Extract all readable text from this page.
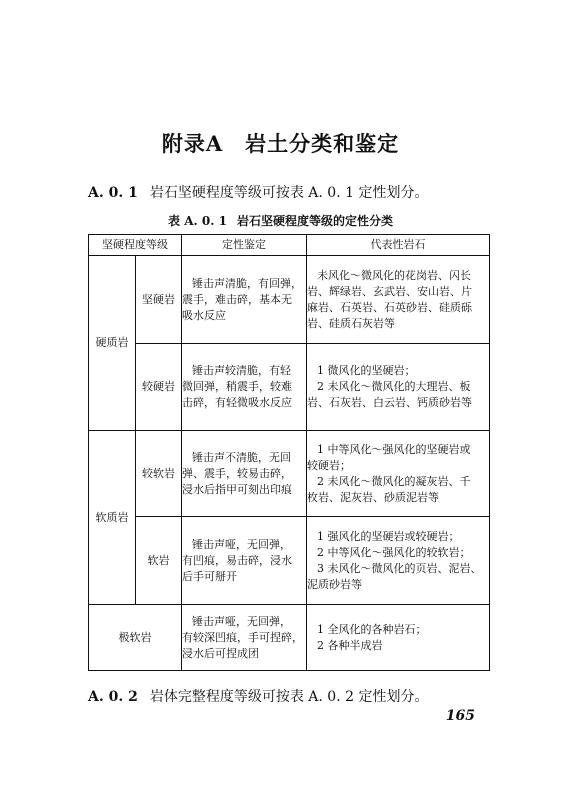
附录A 岩土分类和鉴定
A. 0. 1 岩石坚硬程度等级可按表 A. 0. 1 定性划分。
表 A. 0. 1 岩石坚硬程度等级的定性分类
坚硬程度等级		定性鉴定	代表性岩石
硬质岩	坚硬岩	锤击声清脆，有回弹，
震手，难击碎，基本无
吸水反应	未风化～微风化的花岗岩、闪长
岩、辉绿岩、玄武岩、安山岩、片
麻岩、石英岩、石英砂岩、硅质砾
岩、硅质石灰岩等

	较硬岩	锤击声较清脆，有轻
微回弹，稍震手，较难
击碎，有轻微吸水反应	1 微风化的坚硬岩；
2 未风化～微风化的大理岩、板
岩、石灰岩、白云岩、钙质砂岩等

软质岩	较软岩	锤击声不清脆，无回
弹、震手，较易击碎，
浸水后指甲可刻出印痕	1 中等风化～强风化的坚硬岩或
较硬岩；
2 未风化～微风化的凝灰岩、千
枚岩、泥灰岩、砂质泥岩等

	软岩	锤击声哑，无回弹，
有凹痕，易击碎，浸水
后手可掰开	1 强风化的坚硬岩或较硬岩；
2 中等风化～强风化的较软岩；
3 未风化～微风化的页岩、泥岩、
泥质砂岩等

极软岩		锤击声哑，无回弹，
有较深凹痕，手可捏碎，
浸水后可捏成团	1 全风化的各种岩石；
2 各种半成岩
A. 0. 2 岩体完整程度等级可按表 A. 0. 2 定性划分。
165
